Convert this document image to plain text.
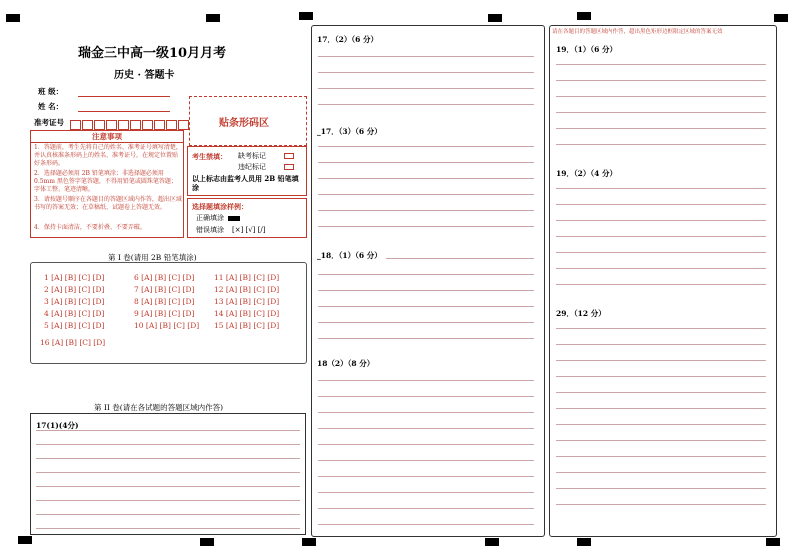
瑞金三中高一级10月月考
历史 · 答题卡
班 级：
姓 名：
准考证号	贴条形码区
注意事项
1．答题前，考生先将自己的姓名、准考证号填写清楚，并认真核准条形码上的姓名、准考证号，在规定位置贴好条形码。
2．选择题必须用 2B 铅笔填涂；非选择题必须用 0.5mm 黑色签字笔答题，不得用铅笔或圆珠笔答题；字体工整、笔迹清晰。
3．请按题号顺序在各题目的答题区域内作答，超出区域书写的答案无效；在草稿纸、试题卷上答题无效。
4．保持卡面清洁，不要折叠、不要弄破。
考生禁填： 缺考标记
违纪标记
以上标志由监考人员用 2B 铅笔填涂
选择题填涂样例：
正确填涂
错误填涂 [×] [√] [/]
第 I 卷(请用 2B 铅笔填涂)
1 [A] [B] [C] [D]
2 [A] [B] [C] [D]
3 [A] [B] [C] [D]
4 [A] [B] [C] [D]
5 [A] [B] [C] [D]
6 [A] [B] [C] [D]
7 [A] [B] [C] [D]
8 [A] [B] [C] [D]
9 [A] [B] [C] [D]
10 [A] [B] [C] [D]
11 [A] [B] [C] [D]
12 [A] [B] [C] [D]
13 [A] [B] [C] [D]
14 [A] [B] [C] [D]
15 [A] [B] [C] [D]
16 [A] [B] [C] [D]
第 II 卷(请在各试题的答题区域内作答)
17(1)(4分)
17．（2）（6 分）
_17．（3）（6 分）
_18．（1）（6 分）
18（2）（8 分）
请在各题目的答题区域内作答，超出黑色矩形边框限定区域的答案无效
19．（1）（6 分）
19．（2）（4 分）
29．（12 分）
